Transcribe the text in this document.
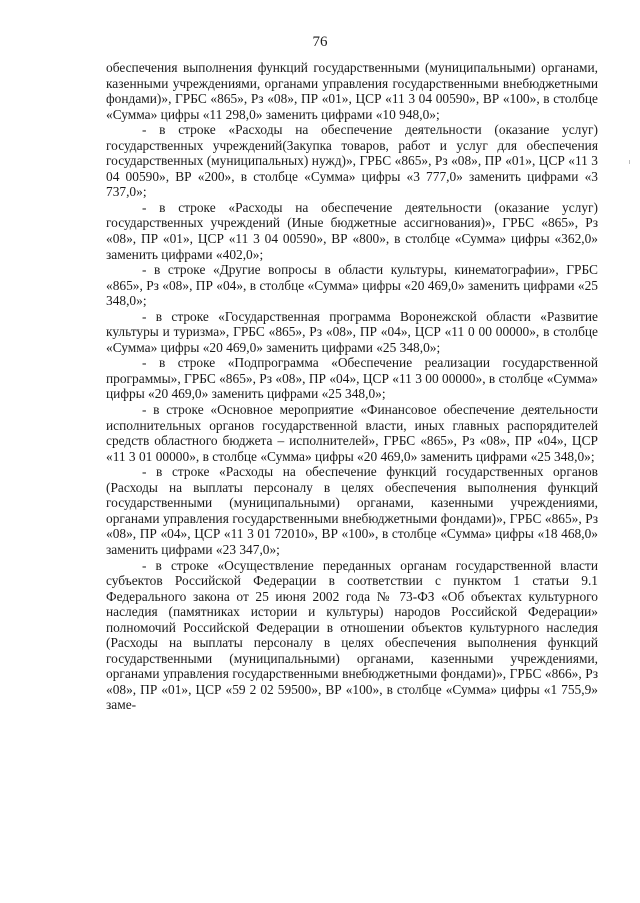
76

обеспечения выполнения функций государственными (муниципальными) органами, казенными учреждениями, органами управления государственными внебюджетными фондами)», ГРБС «865», Рз «08», ПР «01», ЦСР «11 3 04 00590», ВР «100», в столбце «Сумма» цифры «11 298,0» заменить цифрами «10 948,0»;

- в строке «Расходы на обеспечение деятельности (оказание услуг) государственных учреждений(Закупка товаров, работ и услуг для обеспечения государственных (муниципальных) нужд)», ГРБС «865», Рз «08», ПР «01», ЦСР «11 3 04 00590», ВР «200», в столбце «Сумма» цифры «3 777,0» заменить цифрами «3 737,0»;

- в строке «Расходы на обеспечение деятельности (оказание услуг) государственных учреждений (Иные бюджетные ассигнования)», ГРБС «865», Рз «08», ПР «01», ЦСР «11 3 04 00590», ВР «800», в столбце «Сумма» цифры «362,0» заменить цифрами «402,0»;

- в строке «Другие вопросы в области культуры, кинематографии», ГРБС «865», Рз «08», ПР «04», в столбце «Сумма» цифры «20 469,0» заменить цифрами «25 348,0»;

- в строке «Государственная программа Воронежской области «Развитие культуры и туризма», ГРБС «865», Рз «08», ПР «04», ЦСР «11 0 00 00000», в столбце «Сумма» цифры «20 469,0» заменить цифрами «25 348,0»;

- в строке «Подпрограмма «Обеспечение реализации государственной программы», ГРБС «865», Рз «08», ПР «04», ЦСР «11 3 00 00000», в столбце «Сумма» цифры «20 469,0» заменить цифрами «25 348,0»;

- в строке «Основное мероприятие «Финансовое обеспечение деятельности исполнительных органов государственной власти, иных главных распорядителей средств областного бюджета – исполнителей», ГРБС «865», Рз «08», ПР «04», ЦСР «11 3 01 00000», в столбце «Сумма» цифры «20 469,0» заменить цифрами «25 348,0»;

- в строке «Расходы на обеспечение функций государственных органов (Расходы на выплаты персоналу в целях обеспечения выполнения функций государственными (муниципальными) органами, казенными учреждениями, органами управления государственными внебюджетными фондами)», ГРБС «865», Рз «08», ПР «04», ЦСР «11 3 01 72010», ВР «100», в столбце «Сумма» цифры «18 468,0» заменить цифрами «23 347,0»;

- в строке «Осуществление переданных органам государственной власти субъектов Российской Федерации в соответствии с пунктом 1 статьи 9.1 Федерального закона от 25 июня 2002 года № 73-ФЗ «Об объектах культурного наследия (памятниках истории и культуры) народов Российской Федерации» полномочий Российской Федерации в отношении объектов культурного наследия (Расходы на выплаты персоналу в целях обеспечения выполнения функций государственными (муниципальными) органами, казенными учреждениями, органами управления государственными внебюджетными фондами)», ГРБС «866», Рз «08», ПР «01», ЦСР «59 2 02 59500», ВР «100», в столбце «Сумма» цифры «1 755,9» заме-
